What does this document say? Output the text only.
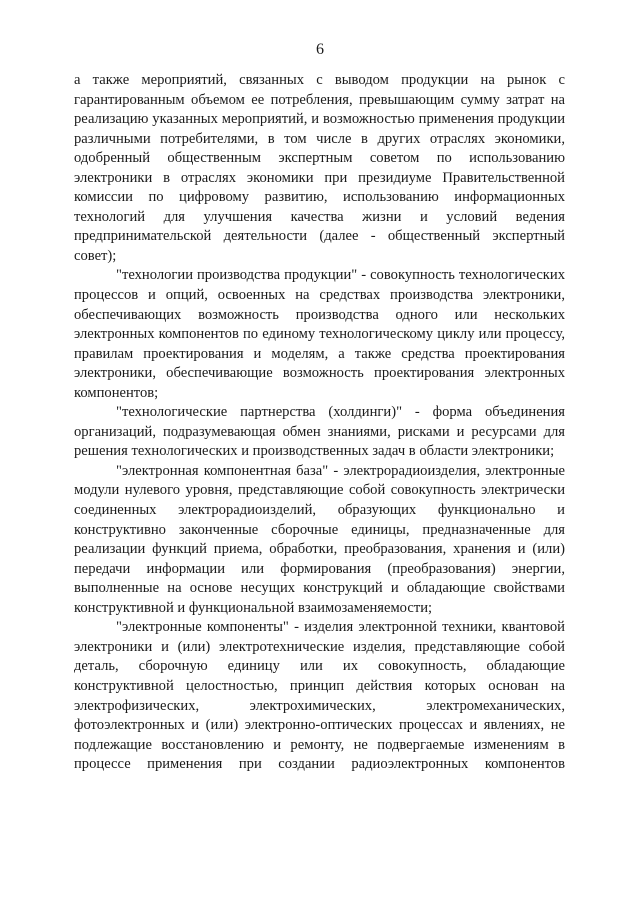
6

а также мероприятий, связанных с выводом продукции на рынок с гарантированным объемом ее потребления, превышающим сумму затрат на реализацию указанных мероприятий, и возможностью применения продукции различными потребителями, в том числе в других отраслях экономики, одобренный общественным экспертным советом по использованию электроники в отраслях экономики при президиуме Правительственной комиссии по цифровому развитию, использованию информационных технологий для улучшения качества жизни и условий ведения предпринимательской деятельности (далее - общественный экспертный совет);

"технологии производства продукции" - совокупность технологических процессов и опций, освоенных на средствах производства электроники, обеспечивающих возможность производства одного или нескольких электронных компонентов по единому технологическому циклу или процессу, правилам проектирования и моделям, а также средства проектирования электроники, обеспечивающие возможность проектирования электронных компонентов;

"технологические партнерства (холдинги)" - форма объединения организаций, подразумевающая обмен знаниями, рисками и ресурсами для решения технологических и производственных задач в области электроники;

"электронная компонентная база" - электрорадиоизделия, электронные модули нулевого уровня, представляющие собой совокупность электрически соединенных электрорадиоизделий, образующих функционально и конструктивно законченные сборочные единицы, предназначенные для реализации функций приема, обработки, преобразования, хранения и (или) передачи информации или формирования (преобразования) энергии, выполненные на основе несущих конструкций и обладающие свойствами конструктивной и функциональной взаимозаменяемости;

"электронные компоненты" - изделия электронной техники, квантовой электроники и (или) электротехнические изделия, представляющие собой деталь, сборочную единицу или их совокупность, обладающие конструктивной целостностью, принцип действия которых основан на электрофизических, электрохимических, электромеханических, фотоэлектронных и (или) электронно-оптических процессах и явлениях, не подлежащие восстановлению и ремонту, не подвергаемые изменениям в процессе применения при создании радиоэлектронных компонентов
